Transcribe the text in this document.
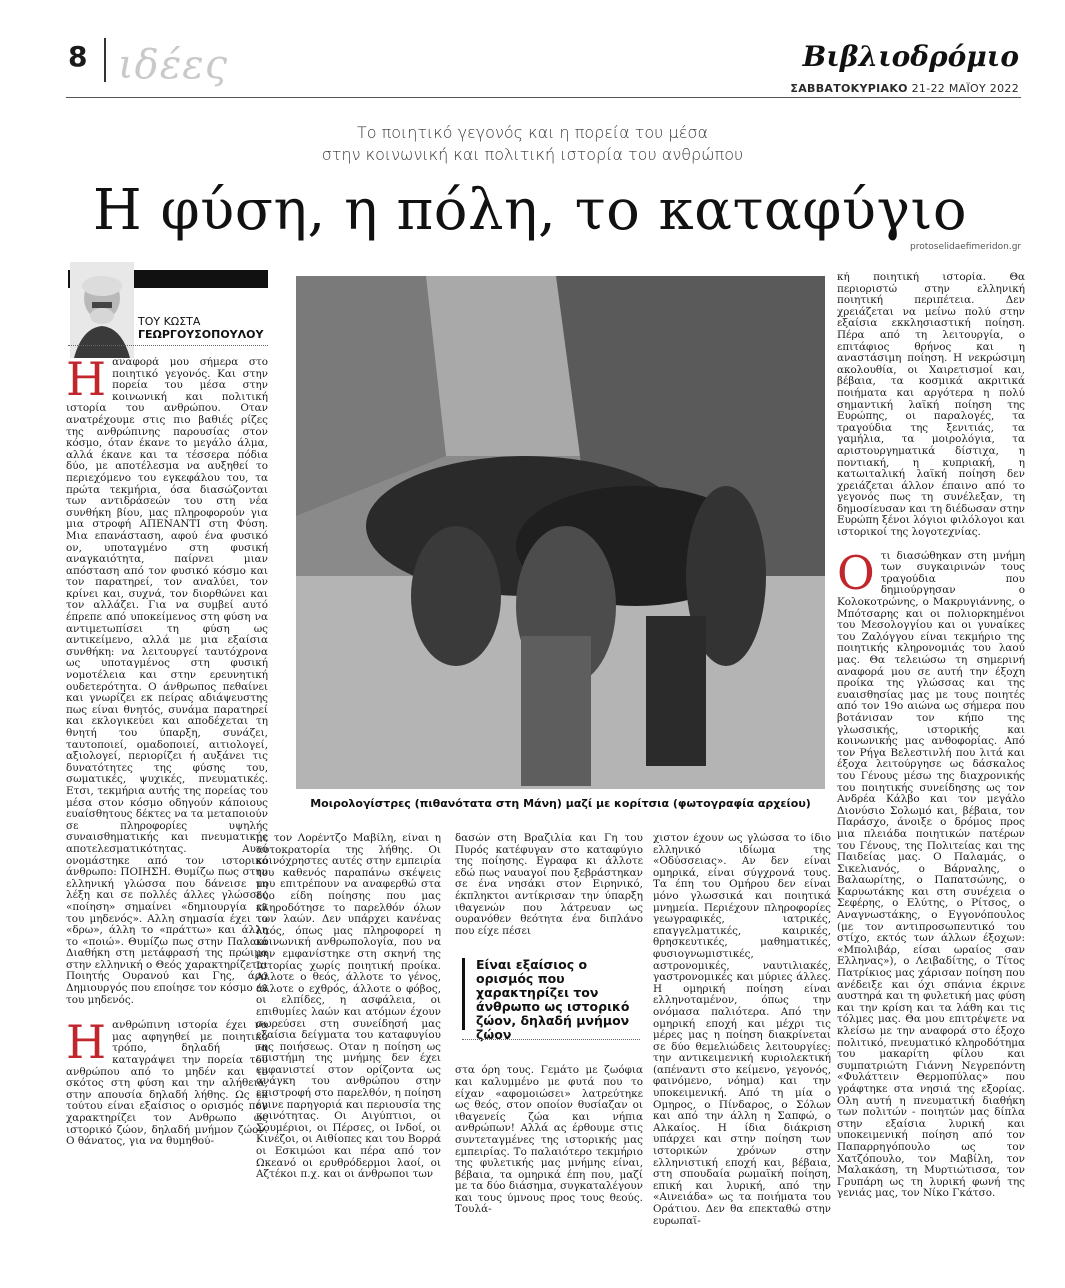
8 ιδέες	Βιβλιοδρόμιο
ΣΑΒΒΑΤΟΚΥΡΙΑΚΟ 21-22 ΜΑΪΟΥ 2022
Το ποιητικό γεγονός και η πορεία του μέσα
στην κοινωνική και πολιτική ιστορία του ανθρώπου
Η φύση, η πόλη, το καταφύγιο
protoselidaefimeridon.gr
ΤΟΥ ΚΩΣΤΑ
ΓΕΩΡΓΟΥΣΟΠΟΥΛΟΥ

Η αναφορά μου σήμερα στο ποιητικό γεγονός. Και στην πορεία του μέσα στην κοινωνική και πολιτική ιστορία του ανθρώπου. Οταν ανατρέχουμε στις πιο βαθιές ρίζες της ανθρώπινης παρουσίας στον κόσμο, όταν έκανε το μεγάλο άλμα, αλλά έκανε και τα τέσσερα πόδια δύο, με αποτέλεσμα να αυξηθεί το περιεχόμενο του εγκεφάλου του, τα πρώτα τεκμήρια, όσα διασώζονται των αντιδράσεών του στη νέα συνθήκη βίου, μας πληροφορούν για μια στροφή ΑΠΕΝΑΝΤΙ στη Φύση. Μια επανάσταση, αφού ένα φυσικό ον, υποταγμένο στη φυσική αναγκαιότητα, παίρνει μιαν απόσταση από τον φυσικό κόσμο και τον παρατηρεί, τον αναλύει, τον κρίνει και, συχνά, τον διορθώνει και τον αλλάζει. Για να συμβεί αυτό έπρεπε από υποκείμενος στη φύση να αντιμετωπίσει τη φύση ως αντικείμενο, αλλά με μια εξαίσια συνθήκη: να λειτουργεί ταυτόχρονα ως υποταγμένος στη φυσική νομοτέλεια και στην ερευνητική ουδετερότητα. Ο άνθρωπος πεθαίνει και γνωρίζει εκ πείρας αδιάψευστης πως είναι θνητός, συνάμα παρατηρεί και εκλογικεύει και αποδέχεται τη θνητή του ύπαρξη, συνάζει, ταυτοποιεί, ομαδοποιεί, αιτιολογεί, αξιολογεί, περιορίζει ή αυξάνει τις δυνατότητες της φύσης του, σωματικές, ψυχικές, πνευματικές. Ετσι, τεκμήρια αυτής της πορείας του μέσα στον κόσμο οδηγούν κάποιους ευαίσθητους δέκτες να τα μεταποιούν σε πληροφορίες υψηλής συναισθηματικής και πνευματικής αποτελεσματικότητας. Αυτό ονομάστηκε από τον ιστορικό άνθρωπο: ΠΟΙΗΣΗ. Θυμίζω πως στην ελληνική γλώσσα που δάνεισε τη λέξη και σε πολλές άλλες γλώσσες «ποίηση» σημαίνει «δημιουργία εκ του μηδενός». Αλλη σημασία έχει το «δρω», άλλη το «πράττω» και άλλη το «ποιώ». Θυμίζω πως στην Παλαιά Διαθήκη στη μετάφρασή της πρώιμα στην ελληνική ο Θεός χαρακτηρίζεται Ποιητής Ουρανού και Γης, άρα Δημιουργός που εποίησε τον κόσμο εκ του μηδενός.

Η ανθρώπινη ιστορία έχει να μας αφηγηθεί με ποιητικό τρόπο, δηλαδή να καταγράψει την πορεία του ανθρώπου από το μηδέν και το σκότος στη φύση και την αλήθεια, στην απουσία δηλαδή λήθης. Ως εκ τούτου είναι εξαίσιος ο ορισμός που χαρακτηρίζει τον Ανθρωπο ως ιστορικό ζώον, δηλαδή μνήμον ζώον. Ο θάνατος, για να θυμηθού-

Μοιρολογίστρες (πιθανότατα στη Μάνη) μαζί με κορίτσια (φωτογραφία αρχείου)

με τον Λορέντζο Μαβίλη, είναι η αυτοκρατορία της λήθης. Οι κοινόχρηστες αυτές στην εμπειρία του καθενός παραπάνω σκέψεις μου επιτρέπουν να αναφερθώ στα δύο είδη ποίησης που μας κληροδότησε το παρελθόν όλων των λαών. Δεν υπάρχει κανένας λαός, όπως μας πληροφορεί η κοινωνική ανθρωπολογία, που να μην εμφανίστηκε στη σκηνή της Ιστορίας χωρίς ποιητική προίκα. Αλλοτε ο θεός, άλλοτε το γένος, άλλοτε ο εχθρός, άλλοτε ο φόβος, οι ελπίδες, η ασφάλεια, οι επιθυμίες λαών και ατόμων έχουν σωρεύσει στη συνείδησή μας εξαίσια δείγματα του καταφυγίου της ποιήσεως. Οταν η ποίηση ως επιστήμη της μνήμης δεν έχει εμφανιστεί στον ορίζοντα ως ανάγκη του ανθρώπου στην επιστροφή στο παρελθόν, η ποίηση έγινε παρηγοριά και περιουσία της κοινότητας. Οι Αιγύπτιοι, οι Σουμέριοι, οι Πέρσες, οι Ινδοί, οι Κινέζοι, οι Αιθίοπες και του Βορρά οι Εσκιμώοι και πέρα από τον Ωκεανό οι ερυθρόδερμοι λαοί, οι Αζτέκοι π.χ. και οι άνθρωποι των

δασών στη Βραζιλία και Γη του Πυρός κατέφυγαν στο καταφύγιο της ποίησης. Εγραφα κι άλλοτε εδώ πως ναυαγοί που ξεβράστηκαν σε ένα νησάκι στον Ειρηνικό, έκπληκτοι αντίκρισαν την ύπαρξη ιθαγενών που λάτρευαν ως ουρανόθεν θεότητα ένα διπλάνο που είχε πέσει

στα όρη τους. Γεμάτο με ζωόφια και καλυμμένο με φυτά που το είχαν «αφομοιώσει» λατρεύτηκε ως θεός, στον οποίον θυσίαζαν οι ιθαγενείς ζώα και νήπια ανθρώπων! Αλλά ας έρθουμε στις συντεταγμένες της ιστορικής μας εμπειρίας. Το παλαιότερο τεκμήριο της φυλετικής μας μνήμης είναι, βέβαια, τα ομηρικά έπη που, μαζί με τα δύο διάσημα, συγκαταλέγουν και τους ύμνους προς τους θεούς. Τουλά-

Είναι εξαίσιος ο ορισμός που χαρακτηρίζει τον άνθρωπο ως ιστορικό ζώον, δηλαδή μνήμον ζώον

χιστον έχουν ως γλώσσα το ίδιο ελληνικό ιδίωμα της «Οδύσσειας». Αν δεν είναι ομηρικά, είναι σύγχρονά τους. Τα έπη του Ομήρου δεν είναι μόνο γλωσσικά και ποιητικά μνημεία. Περιέχουν πληροφορίες γεωγραφικές, ιατρικές, επαγγελματικές, καιρικές, θρησκευτικές, μαθηματικές, φυσιογνωμιστικές, αστρονομικές, ναυτιλιακές, γαστρονομικές και μύριες άλλες. Η ομηρική ποίηση είναι ελληνοταμένον, όπως την ονόμασα παλιότερα. Από την ομηρική εποχή και μέχρι τις μέρες μας η ποίηση διακρίνεται σε δύο θεμελιώδεις λειτουργίες: την αντικειμενική κυριολεκτική (απέναντι στο κείμενο, γεγονός, φαινόμενο, νόημα) και την υποκειμενική. Από τη μία ο Ομηρος, ο Πίνδαρος, ο Σόλων και από την άλλη η Σαπφώ, ο Αλκαίος. Η ίδια διάκριση υπάρχει και στην ποίηση των ιστορικών χρόνων στην ελληνιστική εποχή και, βέβαια, στη σπουδαία ρωμαϊκή ποίηση, επική και λυρική, από την «Αινειάδα» ως τα ποιήματα του Οράτιου. Δεν θα επεκταθώ στην ευρωπαϊ-

κή ποιητική ιστορία. Θα περιοριστώ στην ελληνική ποιητική περιπέτεια. Δεν χρειάζεται να μείνω πολύ στην εξαίσια εκκλησιαστική ποίηση. Πέρα από τη λειτουργία, ο επιτάφιος θρήνος και η αναστάσιμη ποίηση. Η νεκρώσιμη ακολουθία, οι Χαιρετισμοί και, βέβαια, τα κοσμικά ακριτικά ποιήματα και αργότερα η πολύ σημαντική λαϊκή ποίηση της Ευρώπης, οι παραλογές, τα τραγούδια της ξενιτιάς, τα γαμήλια, τα μοιρολόγια, τα αριστουργηματικά δίστιχα, η ποντιακή, η κυπριακή, η κατωιταλική λαϊκή ποίηση δεν χρειάζεται άλλον έπαινο από το γεγονός πως τη συνέλεξαν, τη δημοσίευσαν και τη διέδωσαν στην Ευρώπη ξένοι λόγιοι φιλόλογοι και ιστορικοί της λογοτεχνίας.

Ο τι διασώθηκαν στη μνήμη των συγκαιρινών τους τραγούδια που δημιούργησαν ο Κολοκοτρώνης, ο Μακρυγιάννης, ο Μπότσαρης και οι πολιορκημένοι του Μεσολογγίου και οι γυναίκες του Ζαλόγγου είναι τεκμήριο της ποιητικής κληρονομιάς του λαού μας. Θα τελειώσω τη σημερινή αναφορά μου σε αυτή την έξοχη προίκα της γλώσσας και της ευαισθησίας μας με τους ποιητές από τον 19ο αιώνα ως σήμερα που βοτάνισαν τον κήπο της γλωσσικής, ιστορικής και κοινωνικής μας ανθοφορίας. Από τον Ρήγα Βελεστινλή που λιτά και έξοχα λειτούργησε ως δάσκαλος του Γένους μέσω της διαχρονικής του ποιητικής συνείδησης ως τον Ανδρέα Κάλβο και τον μεγάλο Διονύσιο Σολωμό και, βέβαια, τον Παράσχο, άνοιξε ο δρόμος προς μια πλειάδα ποιητικών πατέρων του Γένους, της Πολιτείας και της Παιδείας μας. Ο Παλαμάς, ο Σικελιανός, ο Βάρναλης, ο Βαλαωρίτης, ο Παπατσώνης, ο Καρυωτάκης και στη συνέχεια ο Σεφέρης, ο Ελύτης, ο Ρίτσος, ο Αναγνωστάκης, ο Εγγονόπουλος (με τον αντιπροσωπευτικό του στίχο, εκτός των άλλων έξοχων: «Μπολιβάρ, είσαι ωραίος σαν Ελληνας»), ο Λειβαδίτης, ο Τίτος Πατρίκιος μας χάρισαν ποίηση που ανέδειξε και όχι σπάνια έκρινε αυστηρά και τη φυλετική μας φύση και την κρίση και τα λάθη και τις τόλμες μας. Θα μου επιτρέψετε να κλείσω με την αναφορά στο έξοχο πολιτικό, πνευματικό κληροδότημα του μακαρίτη φίλου και συμπατριώτη Γιάννη Νεγρεπόντη «Φυλάττειν Θερμοπύλας» που γράφτηκε στα νησιά της εξορίας. Ολη αυτή η πνευματική διαθήκη των πολιτών - ποιητών μας δίπλα στην εξαίσια λυρική και υποκειμενική ποίηση από τον Παπαρρηγόπουλο ως τον Χατζόπουλο, τον Μαβίλη, τον Μαλακάση, τη Μυρτιώτισσα, τον Γρυπάρη ως τη λυρική φωνή της γενιάς μας, τον Νίκο Γκάτσο.
